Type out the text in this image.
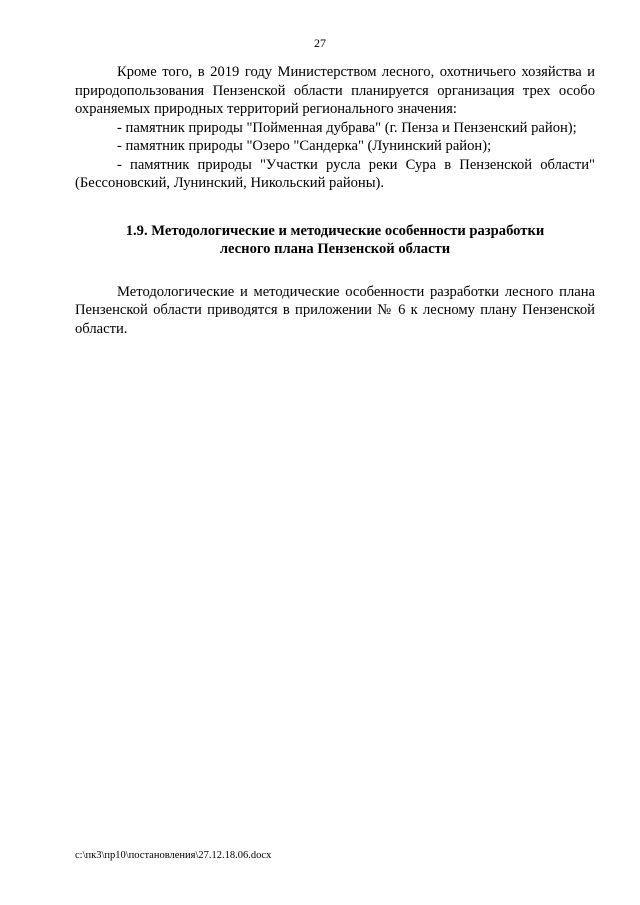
27

Кроме того, в 2019 году Министерством лесного, охотничьего хозяйства и природопользования Пензенской области планируется организация трех особо охраняемых природных территорий регионального значения:

- памятник природы "Пойменная дубрава" (г. Пенза и Пензенский район);

- памятник природы "Озеро "Сандерка" (Лунинский район);

- памятник природы "Участки русла реки Сура в Пензенской области" (Бессоновский, Лунинский, Никольский районы).

1.9. Методологические и методические особенности разработки
лесного плана Пензенской области

Методологические и методические особенности разработки лесного плана Пензенской области приводятся в приложении № 6 к лесному плану Пензенской области.

c:\пк3\пр10\постановления\27.12.18.06.docx
